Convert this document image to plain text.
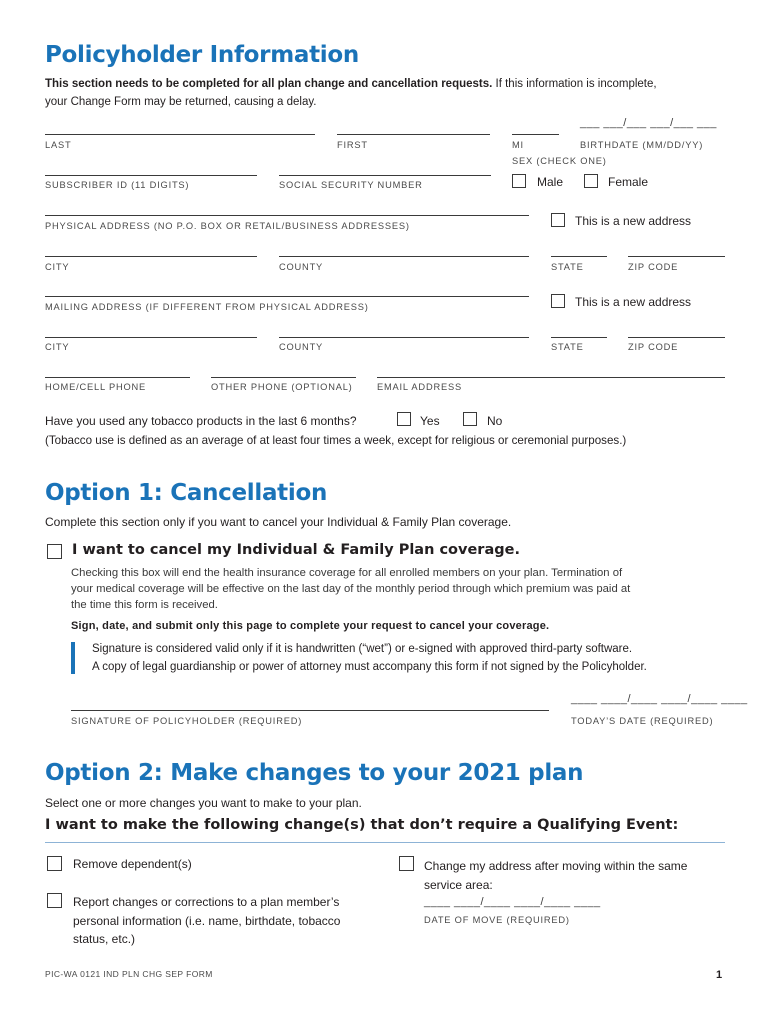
Policyholder Information
This section needs to be completed for all plan change and cancellation requests. If this information is incomplete,
your Change Form may be returned, causing a delay.
___ ___/___ ___/___ ___
LAST	FIRST	MI	BIRTHDATE (MM/DD/YY)
SEX (CHECK ONE)
SUBSCRIBER ID (11 DIGITS)	SOCIAL SECURITY NUMBER	Male	Female
PHYSICAL ADDRESS (NO P.O. BOX OR RETAIL/BUSINESS ADDRESSES)	This is a new address
CITY	COUNTY	STATE	ZIP CODE
MAILING ADDRESS (IF DIFFERENT FROM PHYSICAL ADDRESS)	This is a new address
CITY	COUNTY	STATE	ZIP CODE
HOME/CELL PHONE	OTHER PHONE (OPTIONAL)	EMAIL ADDRESS
Have you used any tobacco products in the last 6 months?	Yes	No
(Tobacco use is defined as an average of at least four times a week, except for religious or ceremonial purposes.)
Option 1: Cancellation
Complete this section only if you want to cancel your Individual & Family Plan coverage.
I want to cancel my Individual & Family Plan coverage.
Checking this box will end the health insurance coverage for all enrolled members on your plan. Termination of
your medical coverage will be effective on the last day of the monthly period through which premium was paid at
the time this form is received.
Sign, date, and submit only this page to complete your request to cancel your coverage.
Signature is considered valid only if it is handwritten (“wet”) or e-signed with approved third-party software.
A copy of legal guardianship or power of attorney must accompany this form if not signed by the Policyholder.
____ ____/____ ____/____ ____
SIGNATURE OF POLICYHOLDER (REQUIRED)	TODAY’S DATE (REQUIRED)
Option 2: Make changes to your 2021 plan
Select one or more changes you want to make to your plan.
I want to make the following change(s) that don’t require a Qualifying Event:
Remove dependent(s)
Report changes or corrections to a plan member’s
personal information (i.e. name, birthdate, tobacco
status, etc.)
Change my address after moving within the same
service area:
____ ____/____ ____/____ ____
DATE OF MOVE (REQUIRED)
PIC-WA 0121 IND PLN CHG SEP FORM	1
